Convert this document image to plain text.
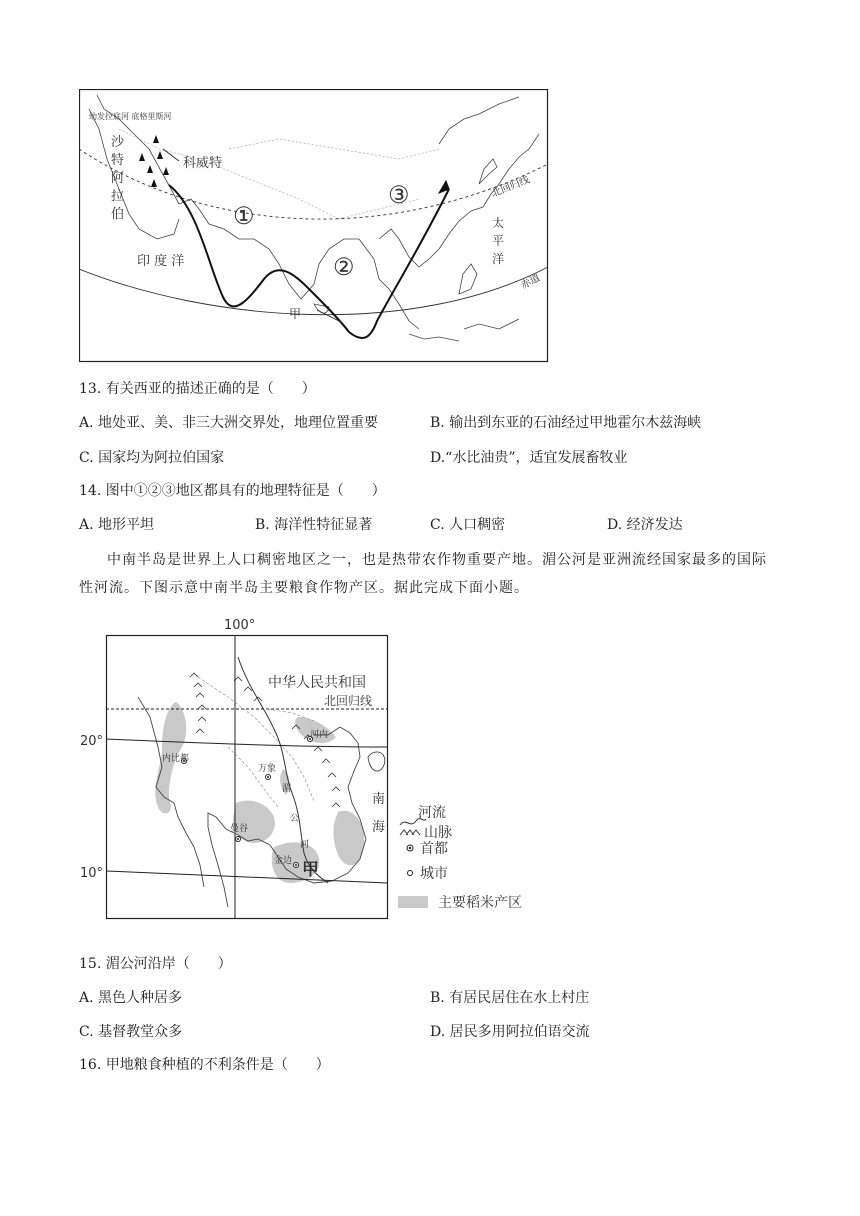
幼发拉底河 底格里斯河
沙
特
阿
拉
伯
科威特
印 度 洋
太
平
洋
北回归线
赤道
甲
①
②
③
13. 有关西亚的描述正确的是（　　）
A. 地处亚、美、非三大洲交界处，地理位置重要	B. 输出到东亚的石油经过甲地霍尔木兹海峡
C. 国家均为阿拉伯国家	D.“水比油贵”，适宜发展畜牧业
14. 图中①②③地区都具有的地理特征是（　　）
A. 地形平坦	B. 海洋性特征显著	C. 人口稠密	D. 经济发达
中南半岛是世界上人口稠密地区之一，也是热带农作物重要产地。湄公河是亚洲流经国家最多的国际性河流。下图示意中南半岛主要粮食作物产区。据此完成下面小题。
100°
20°
10°
中华人民共和国
北回归线
河内
内比都
万象
湄
公
河
曼谷
金边 甲
南
海
河流
山脉
首都
城市
主要稻米产区
15. 湄公河沿岸（　　）
A. 黑色人种居多	B. 有居民居住在水上村庄
C. 基督教堂众多	D. 居民多用阿拉伯语交流
16. 甲地粮食种植的不利条件是（　　）
